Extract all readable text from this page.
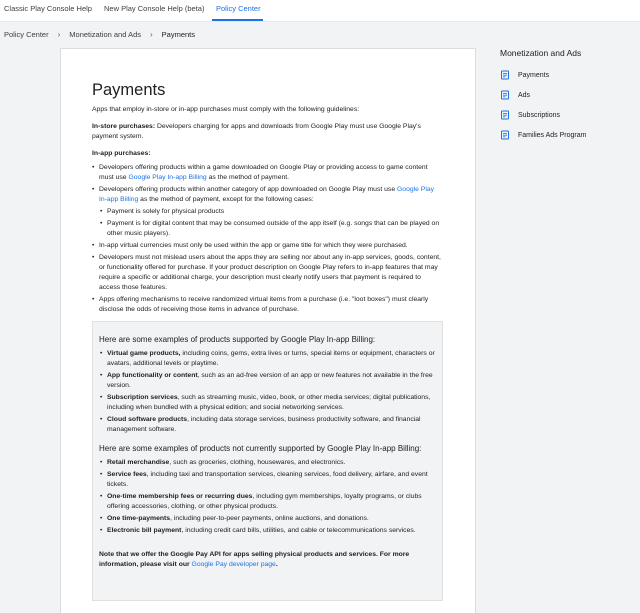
Classic Play Console Help New Play Console Help (beta) Policy Center
Policy Center › Monetization and Ads › Payments
Payments

Apps that employ in-store or in-app purchases must comply with the following guidelines:

In-store purchases: Developers charging for apps and downloads from Google Play must use Google Play's payment system.

In-app purchases:

• Developers offering products within a game downloaded on Google Play or providing access to game content must use Google Play In-app Billing as the method of payment.
• Developers offering products within another category of app downloaded on Google Play must use Google Play In-app Billing as the method of payment, except for the following cases:
• Payment is solely for physical products
• Payment is for digital content that may be consumed outside of the app itself (e.g. songs that can be played on other music players).
• In-app virtual currencies must only be used within the app or game title for which they were purchased.
• Developers must not mislead users about the apps they are selling nor about any in-app services, goods, content, or functionality offered for purchase. If your product description on Google Play refers to in-app features that may require a specific or additional charge, your description must clearly notify users that payment is required to access those features.
• Apps offering mechanisms to receive randomized virtual items from a purchase (i.e. "loot boxes") must clearly disclose the odds of receiving those items in advance of purchase.
Here are some examples of products supported by Google Play In-app Billing:
• Virtual game products, including coins, gems, extra lives or turns, special items or equipment, characters or avatars, additional levels or playtime.
• App functionality or content, such as an ad-free version of an app or new features not available in the free version.
• Subscription services, such as streaming music, video, book, or other media services; digital publications, including when bundled with a physical edition; and social networking services.
• Cloud software products, including data storage services, business productivity software, and financial management software.
Here are some examples of products not currently supported by Google Play In-app Billing:
• Retail merchandise, such as groceries, clothing, housewares, and electronics.
• Service fees, including taxi and transportation services, cleaning services, food delivery, airfare, and event tickets.
• One-time membership fees or recurring dues, including gym memberships, loyalty programs, or clubs offering accessories, clothing, or other physical products.
• One time-payments, including peer-to-peer payments, online auctions, and donations.
• Electronic bill payment, including credit card bills, utilities, and cable or telecommunications services.

Note that we offer the Google Pay API for apps selling physical products and services. For more information, please visit our Google Pay developer page.

Monetization and Ads
Payments
Ads
Subscriptions
Families Ads Program
